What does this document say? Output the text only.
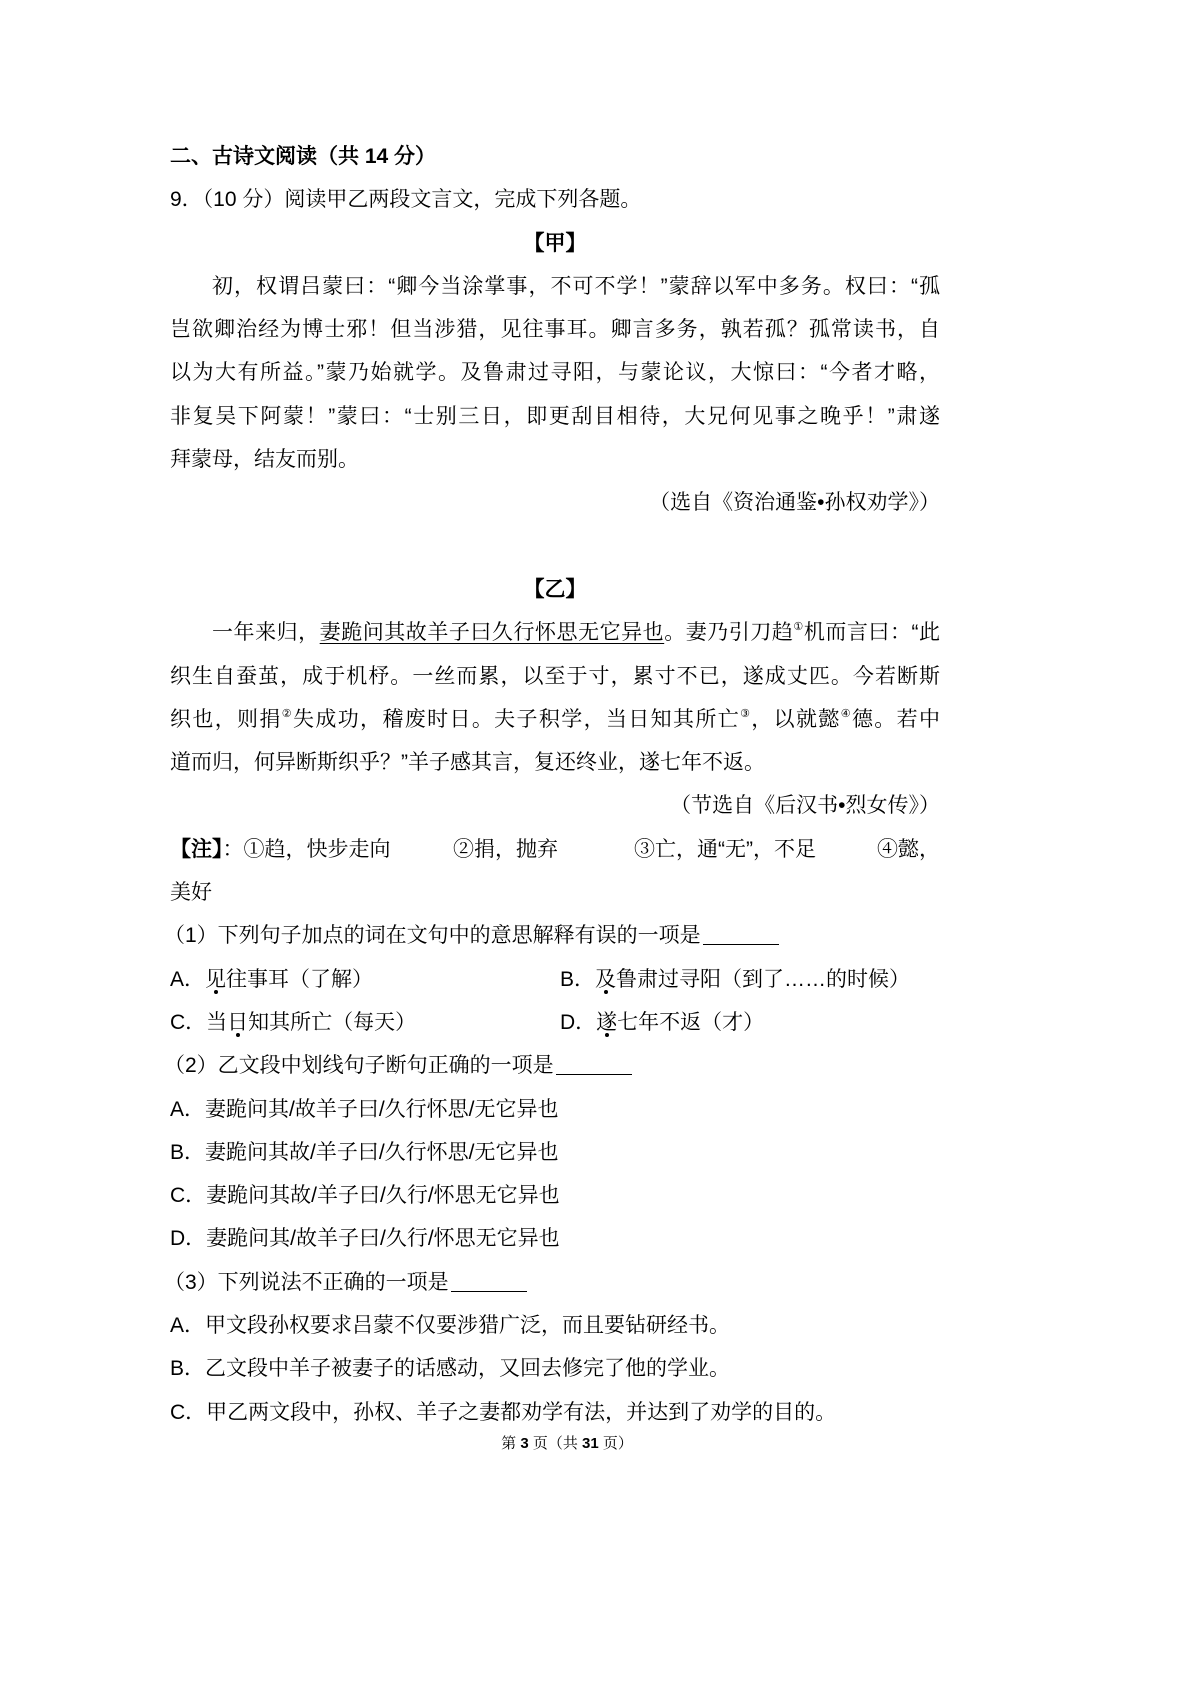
二、古诗文阅读（共 14 分）
9．（10 分）阅读甲乙两段文言文，完成下列各题。
【甲】
初，权谓吕蒙曰：“卿今当涂掌事，不可不学！”蒙辞以军中多务。权曰：“孤
岂欲卿治经为博士邪！但当涉猎，见往事耳。卿言多务，孰若孤？孤常读书，自
以为大有所益。”蒙乃始就学。及鲁肃过寻阳，与蒙论议，大惊曰：“今者才略，
非复吴下阿蒙！”蒙曰：“士别三日，即更刮目相待，大兄何见事之晚乎！”肃遂
拜蒙母，结友而别。
（选自《资治通鉴•孙权劝学》）
【乙】
一年来归，妻跪问其故羊子曰久行怀思无它异也。妻乃引刀趋①机而言曰：“此
织生自蚕茧，成于机杼。一丝而累，以至于寸，累寸不已，遂成丈匹。今若断斯
织也，则捐②失成功，稽废时日。夫子积学，当日知其所亡③，以就懿④德。若中
道而归，何异断斯织乎？”羊子感其言，复还终业，遂七年不返。
（节选自《后汉书•烈女传》）
【注】：①趋，快步走向	②捐，抛弃	③亡，通“无”，不足	④懿，
美好
（1）下列句子加点的词在文句中的意思解释有误的一项是
A．见往事耳（了解）	B．及鲁肃过寻阳（到了……的时候）
C．当日知其所亡（每天）	D．遂七年不返（才）
（2）乙文段中划线句子断句正确的一项是
A．妻跪问其/故羊子曰/久行怀思/无它异也
B．妻跪问其故/羊子曰/久行怀思/无它异也
C．妻跪问其故/羊子曰/久行/怀思无它异也
D．妻跪问其/故羊子曰/久行/怀思无它异也
（3）下列说法不正确的一项是
A．甲文段孙权要求吕蒙不仅要涉猎广泛，而且要钻研经书。
B．乙文段中羊子被妻子的话感动，又回去修完了他的学业。
C．甲乙两文段中，孙权、羊子之妻都劝学有法，并达到了劝学的目的。
第 3 页（共 31 页）
